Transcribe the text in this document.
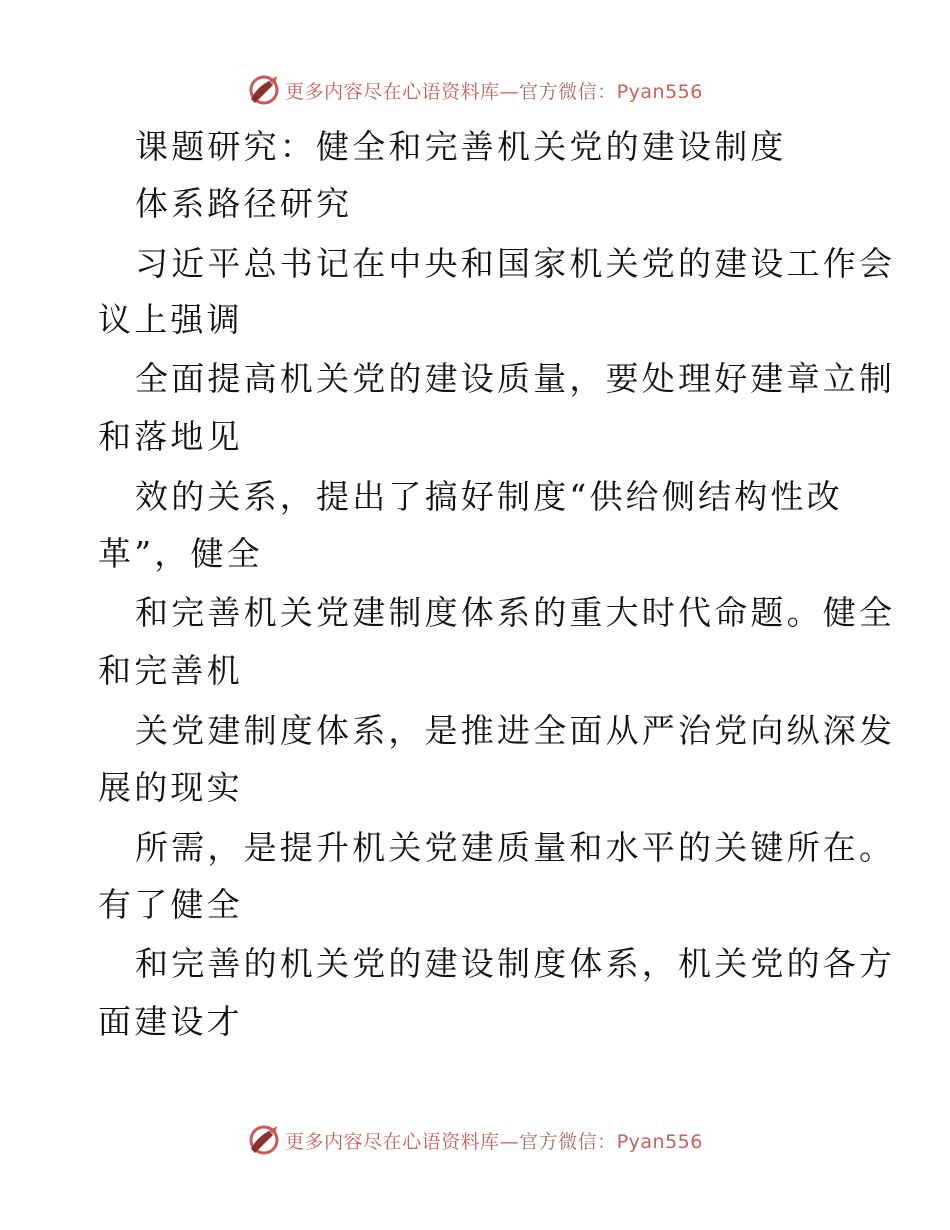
更多内容尽在心语资料库—官方微信：Pyan556
课题研究：健全和完善机关党的建设制度
体系路径研究
习近平总书记在中央和国家机关党的建设工作会
议上强调
全面提高机关党的建设质量，要处理好建章立制
和落地见
效的关系，提出了搞好制度“供给侧结构性改
革”，健全
和完善机关党建制度体系的重大时代命题。健全
和完善机
关党建制度体系，是推进全面从严治党向纵深发
展的现实
所需，是提升机关党建质量和水平的关键所在。
有了健全
和完善的机关党的建设制度体系，机关党的各方
面建设才
更多内容尽在心语资料库—官方微信：Pyan556
